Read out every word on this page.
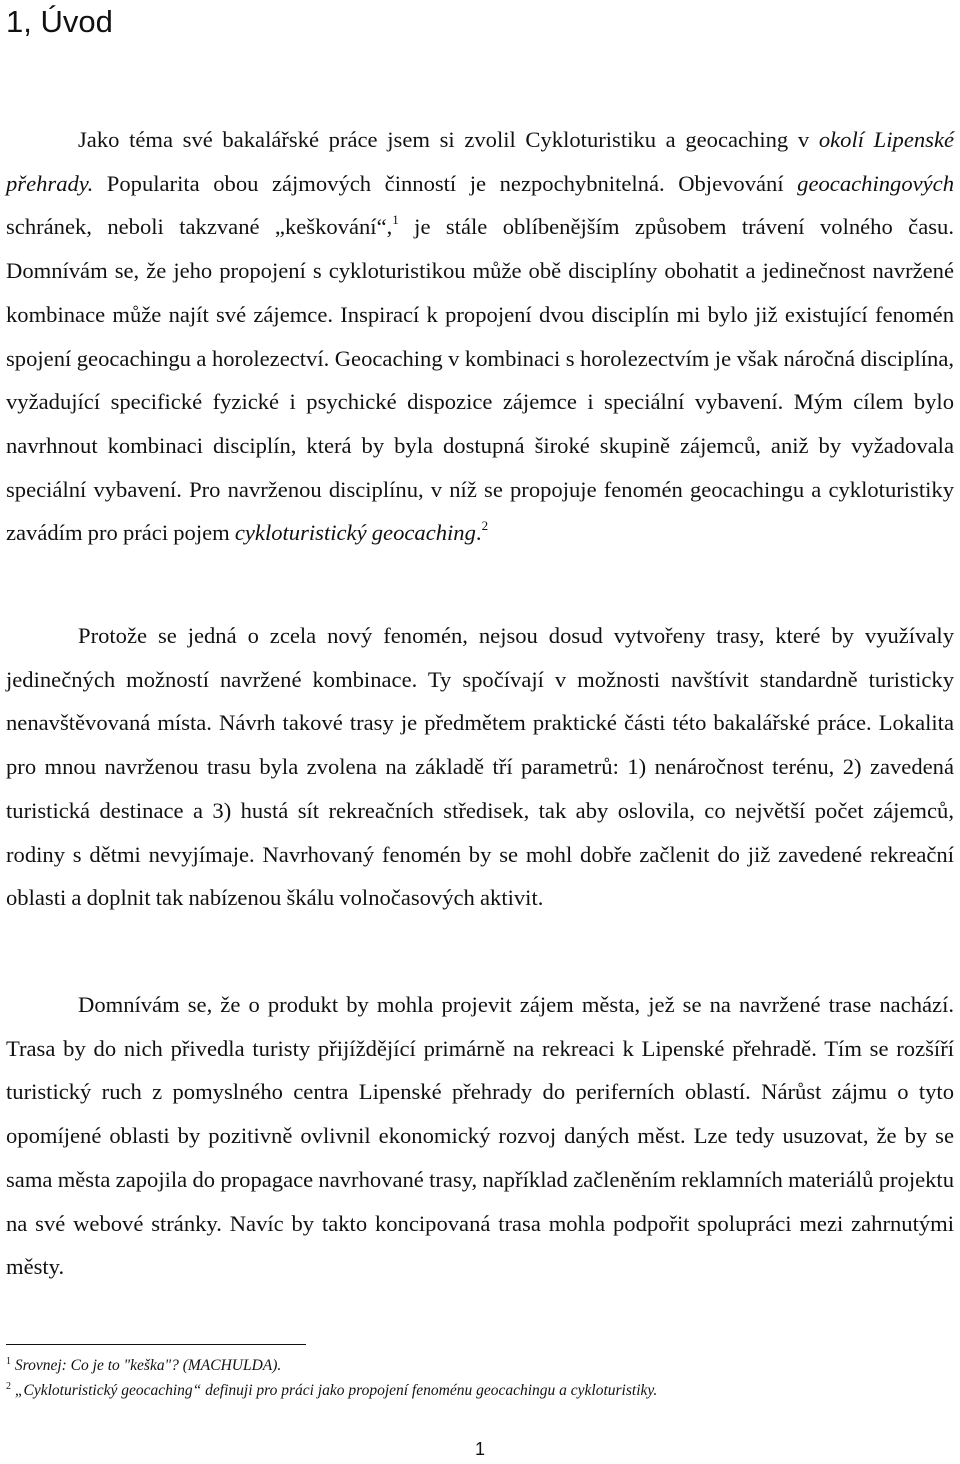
1, Úvod

Jako téma své bakalářské práce jsem si zvolil Cykloturistiku a geocaching v okolí Lipenské přehrady. Popularita obou zájmových činností je nezpochybnitelná. Objevování geocachingových schránek, neboli takzvané „keškování“,$^1$ je stále oblíbenějším způsobem trávení volného času. Domnívám se, že jeho propojení s cykloturistikou může obě disciplíny obohatit a jedinečnost navržené kombinace může najít své zájemce. Inspirací k propojení dvou disciplín mi bylo již existující fenomén spojení geocachingu a horolezectví. Geocaching v kombinaci s horolezectvím je však náročná disciplína, vyžadující specifické fyzické i psychické dispozice zájemce i speciální vybavení. Mým cílem bylo navrhnout kombinaci disciplín, která by byla dostupná široké skupině zájemců, aniž by vyžadovala speciální vybavení. Pro navrženou disciplínu, v níž se propojuje fenomén geocachingu a cykloturistiky zavádím pro práci pojem cykloturistický geocaching.$^2$

Protože se jedná o zcela nový fenomén, nejsou dosud vytvořeny trasy, které by využívaly jedinečných možností navržené kombinace. Ty spočívají v možnosti navštívit standardně turisticky nenavštěvovaná místa. Návrh takové trasy je předmětem praktické části této bakalářské práce. Lokalita pro mnou navrženou trasu byla zvolena na základě tří parametrů: 1) nenáročnost terénu, 2) zavedená turistická destinace a 3) hustá sít rekreačních středisek, tak aby oslovila, co největší počet zájemců, rodiny s dětmi nevyjímaje. Navrhovaný fenomén by se mohl dobře začlenit do již zavedené rekreační oblasti a doplnit tak nabízenou škálu volnočasových aktivit.

Domnívám se, že o produkt by mohla projevit zájem města, jež se na navržené trase nachází. Trasa by do nich přivedla turisty přijíždějící primárně na rekreaci k Lipenské přehradě. Tím se rozšíří turistický ruch z pomyslného centra Lipenské přehrady do periferních oblastí. Nárůst zájmu o tyto opomíjené oblasti by pozitivně ovlivnil ekonomický rozvoj daných měst. Lze tedy usuzovat, že by se sama města zapojila do propagace navrhované trasy, například začleněním reklamních materiálů projektu na své webové stránky. Navíc by takto koncipovaná trasa mohla podpořit spolupráci mezi zahrnutými městy.

$^1$ Srovnej: Co je to "keška"? (MACHULDA).

$^2$ „Cykloturistický geocaching“ definuji pro práci jako propojení fenoménu geocachingu a cykloturistiky.

1
